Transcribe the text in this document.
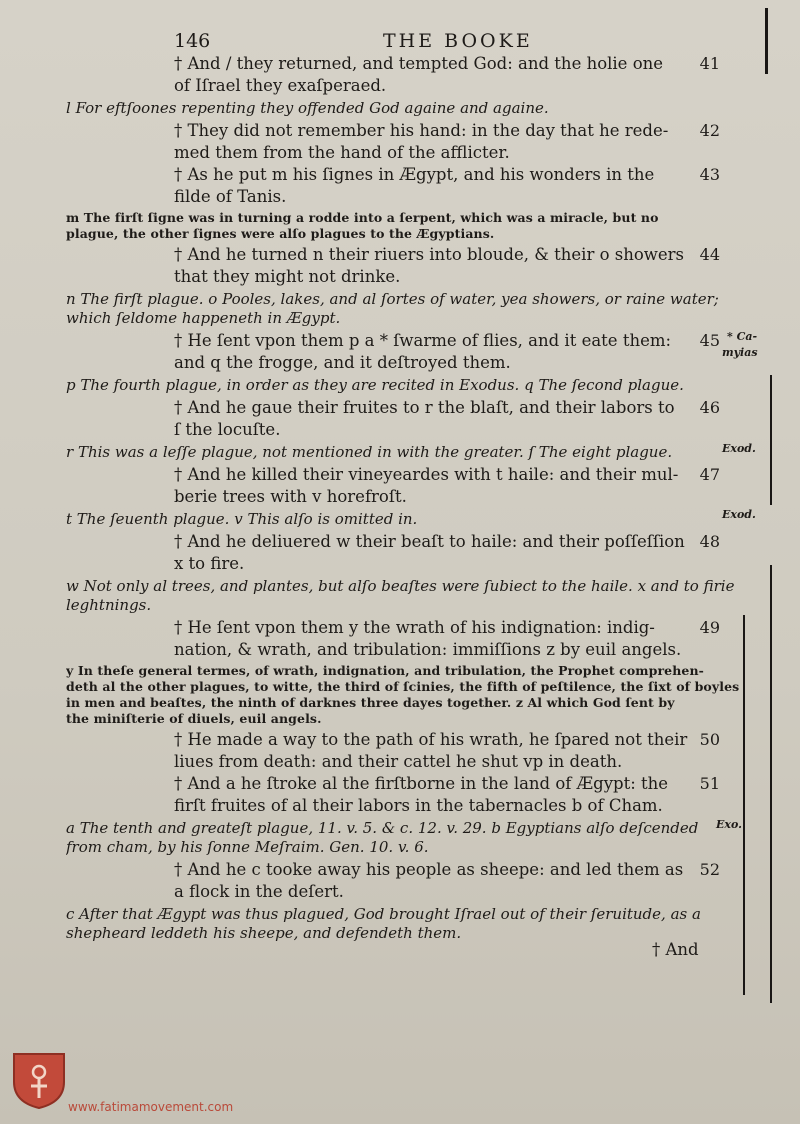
146	THE BOOKE
† And / they returned, and tempted God: and the holie one
of Iſrael they exaſperaed.
41
l For eftſoones repenting they offended God againe and againe.
† They did not remember his hand: in the day that he rede-
med them from the hand of the afflicter.
42
† As he put m his ſignes in Ægypt, and his wonders in the
filde of Tanis.
43
m The firſt ſigne was in turning a rodde into a ſerpent, which was a miracle, but no
plague, the other ſignes were alſo plagues to the Ægyptians.
† And he turned n their riuers into bloude, & their o showers
that they might not drinke.
44
n The firſt plague. o Pooles, lakes, and al ſortes of water, yea showers, or raine water;
which ſeldome happeneth in Ægypt.
† He ſent vpon them p a * ſwarme of flies, and it eate them:
and q the frogge, and it deſtroyed them.
45
p The fourth plague, in order as they are recited in Exodus. q The ſecond plague.
† And he gaue their fruites to r the blaſt, and their labors to
ſ the locuſte.
46
r This was a leſſe plague, not mentioned in with the greater. ſ The eight plague.
† And he killed their vineyeardes with t haile: and their mul-
berie trees with v horefroſt.
47
t The ſeuenth plague. v This alſo is omitted in.
† And he deliuered w their beaſt to haile: and their poſſeſſion
x to fire.
48
w Not only al trees, and plantes, but alſo beaſtes were ſubiect to the haile. x and to firie
leghtnings.
† He ſent vpon them y the wrath of his indignation: indig-
nation, & wrath, and tribulation: immiſſions z by euil angels.
49
y In theſe general termes, of wrath, indignation, and tribulation, the Prophet comprehen-
deth al the other plagues, to witte, the third of ſcinies, the fifth of peſtilence, the ſixt of boyles
in men and beaſtes, the ninth of darknes three dayes together. z Al which God ſent by
the miniſterie of diuels, euil angels.
† He made a way to the path of his wrath, he ſpared not their
liues from death: and their cattel he shut vp in death.
50
† And a he ſtroke al the firſtborne in the land of Ægypt: the
firſt fruites of al their labors in the tabernacles b of Cham.
51
a The tenth and greateſt plague, 11. v. 5. & c. 12. v. 29. b Egyptians alſo deſcended
from cham, by his ſonne Meſraim. Gen. 10. v. 6.
† And he c tooke away his people as sheepe: and led them as
a flock in the deſert.
52
c After that Ægypt was thus plagued, God brought Iſrael out of their ſeruitude, as a
shepheard leddeth his sheepe, and defendeth them.
* Ca-
myias
Exod.
Exod.
Exo.
† And
www.fatimamovement.com
